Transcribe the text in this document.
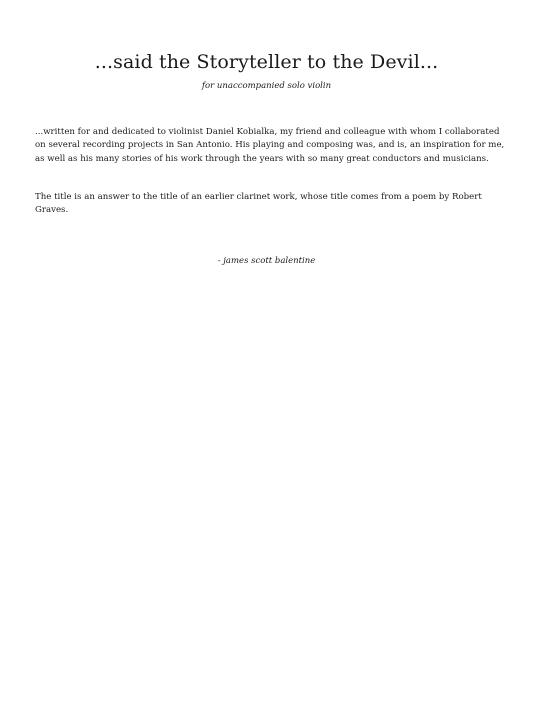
...said the Storyteller to the Devil...
for unaccompanied solo violin

...written for and dedicated to violinist Daniel Kobialka, my friend and colleague with whom I collaborated on several recording projects in San Antonio. His playing and composing was, and is, an inspiration for me, as well as his many stories of his work through the years with so many great conductors and musicians.

The title is an answer to the title of an earlier clarinet work, whose title comes from a poem by Robert Graves.

- james scott balentine
